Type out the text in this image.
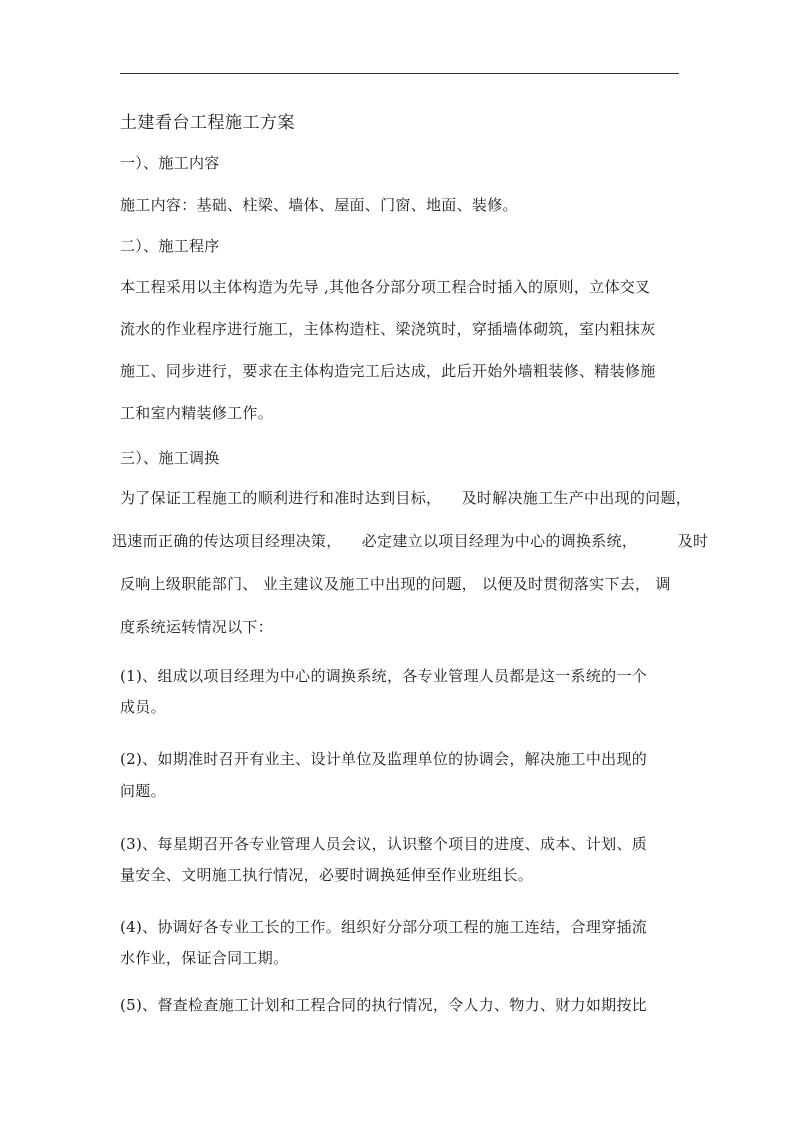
土建看台工程施工方案
一）、施工内容
施工内容：基础、柱梁、墙体、屋面、门窗、地面、装修。
二）、施工程序
本工程采用以主体构造为先导 ,其他各分部分项工程合时插入的原则，立体交叉
流水的作业程序进行施工，主体构造柱、梁浇筑时，穿插墙体砌筑，室内粗抹灰
施工、同步进行，要求在主体构造完工后达成，此后开始外墙粗装修、精装修施
工和室内精装修工作。
三）、施工调换
为了保证工程施工的顺利进行和准时达到目标，    及时解决施工生产中出现的问题，
迅速而正确的传达项目经理决策，    必定建立以项目经理为中心的调换系统，        及时
反响上级职能部门、 业主建议及施工中出现的问题， 以便及时贯彻落实下去， 调
度系统运转情况以下：
(1)、组成以项目经理为中心的调换系统，各专业管理人员都是这一系统的一个
成员。
(2)、如期准时召开有业主、设计单位及监理单位的协调会，解决施工中出现的
问题。
(3)、每星期召开各专业管理人员会议，认识整个项目的进度、成本、计划、质
量安全、文明施工执行情况，必要时调换延伸至作业班组长。
(4)、协调好各专业工长的工作。组织好分部分项工程的施工连结，合理穿插流
水作业，保证合同工期。
(5)、督查检查施工计划和工程合同的执行情况，令人力、物力、财力如期按比
